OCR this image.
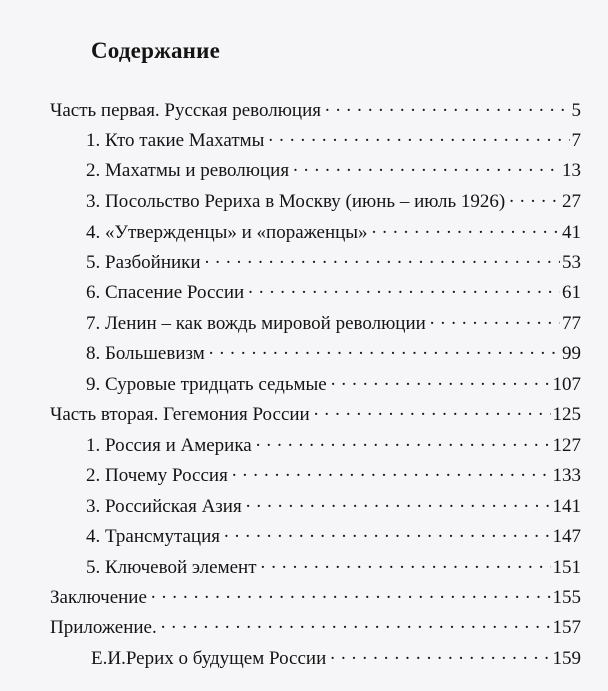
Содержание
Часть первая. Русская революция . . .	5
1. Кто такие Махатмы . . .	7
2. Махатмы и революция . . .	13
3. Посольство Рериха в Москву (июнь – июль 1926) . . .	27
4. «Утвержденцы» и «пораженцы» . . .	41
5. Разбойники . . .	53
6. Спасение России . . .	61
7. Ленин – как вождь мировой революции . . .	77
8. Большевизм . . .	99
9. Суровые тридцать седьмые . . .	107
Часть вторая. Гегемония России . . .	125
1. Россия и Америка . . .	127
2. Почему Россия . . .	133
3. Российская Азия . . .	141
4. Трансмутация . . .	147
5. Ключевой элемент . . .	151
Заключение . . .	155
Приложение. . . .	157
Е.И.Рерих о будущем России . . .	159
